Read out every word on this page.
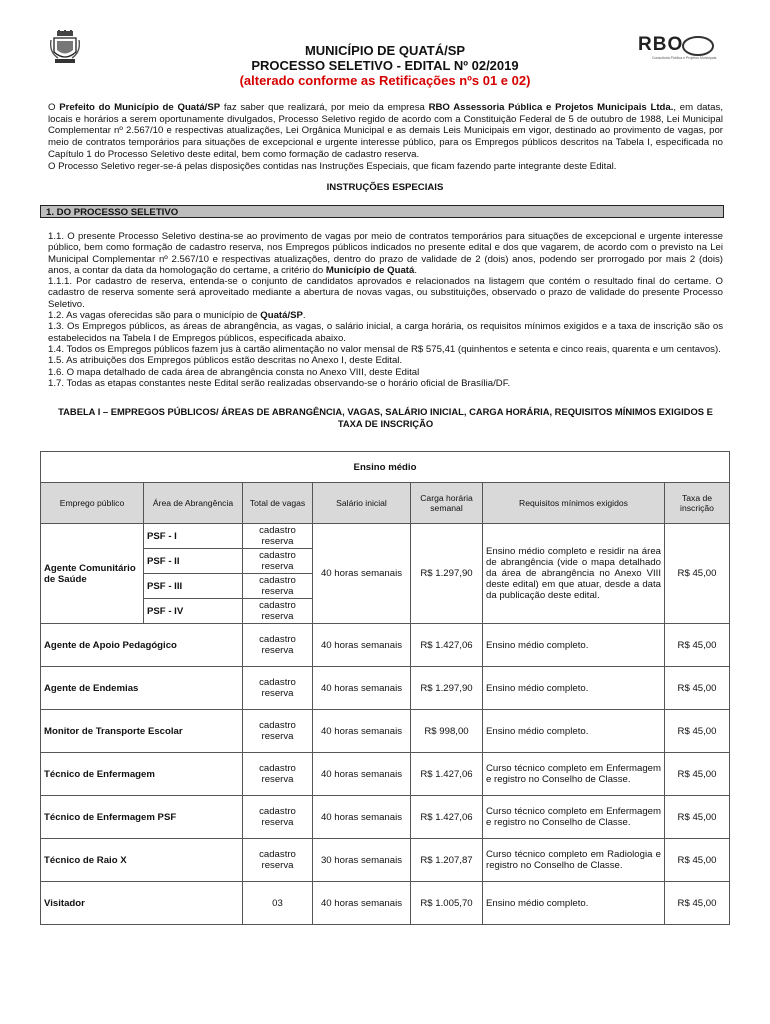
RBO
Consultoria Pública e Projetos Municipais
MUNICÍPIO DE QUATÁ/SP
PROCESSO SELETIVO - EDITAL Nº 02/2019
(alterado conforme as Retificações nºs 01 e 02)

O Prefeito do Município de Quatá/SP faz saber que realizará, por meio da empresa RBO Assessoria Pública e Projetos Municipais Ltda., em datas, locais e horários a serem oportunamente divulgados, Processo Seletivo regido de acordo com a Constituição Federal de 5 de outubro de 1988, Lei Municipal Complementar nº 2.567/10 e respectivas atualizações, Lei Orgânica Municipal e as demais Leis Municipais em vigor, destinado ao provimento de vagas, por meio de contratos temporários para situações de excepcional e urgente interesse público, para os Empregos públicos descritos na Tabela I, especificada no Capítulo 1 do Processo Seletivo deste edital, bem como formação de cadastro reserva.

O Processo Seletivo reger-se-á pelas disposições contidas nas Instruções Especiais, que ficam fazendo parte integrante deste Edital.

INSTRUÇÕES ESPECIAIS
1. DO PROCESSO SELETIVO

1.1. O presente Processo Seletivo destina-se ao provimento de vagas por meio de contratos temporários para situações de excepcional e urgente interesse público, bem como formação de cadastro reserva, nos Empregos públicos indicados no presente edital e dos que vagarem, de acordo com o previsto na Lei Municipal Complementar nº 2.567/10 e respectivas atualizações, dentro do prazo de validade de 2 (dois) anos, podendo ser prorrogado por mais 2 (dois) anos, a contar da data da homologação do certame, a critério do Município de Quatá.

1.1.1. Por cadastro de reserva, entenda-se o conjunto de candidatos aprovados e relacionados na listagem que contém o resultado final do certame. O cadastro de reserva somente será aproveitado mediante a abertura de novas vagas, ou substituições, observado o prazo de validade do presente Processo Seletivo.

1.2. As vagas oferecidas são para o município de Quatá/SP.

1.3. Os Empregos públicos, as áreas de abrangência, as vagas, o salário inicial, a carga horária, os requisitos mínimos exigidos e a taxa de inscrição são os estabelecidos na Tabela I de Empregos públicos, especificada abaixo.

1.4. Todos os Empregos públicos fazem jus à cartão alimentação no valor mensal de R$ 575,41 (quinhentos e setenta e cinco reais, quarenta e um centavos).

1.5. As atribuições dos Empregos públicos estão descritas no Anexo I, deste Edital.

1.6. O mapa detalhado de cada área de abrangência consta no Anexo VIII, deste Edital

1.7. Todas as etapas constantes neste Edital serão realizadas observando-se o horário oficial de Brasília/DF.

TABELA I – EMPREGOS PÚBLICOS/ ÁREAS DE ABRANGÊNCIA, VAGAS, SALÁRIO INICIAL, CARGA HORÁRIA, REQUISITOS MÍNIMOS EXIGIDOS E TAXA DE INSCRIÇÃO
Ensino médio						
Emprego público	Área de Abrangência	Total de vagas	Salário inicial	Carga horária semanal	Requisitos mínimos exigidos	Taxa de inscrição
Agente Comunitário de Saúde	PSF - I	cadastro reserva	40 horas semanais	R$ 1.297,90	Ensino médio completo e residir na área de abrangência (vide o mapa detalhado da área de abrangência no Anexo VIII deste edital) em que atuar, desde a data da publicação deste edital.	R$ 45,00
	PSF - II	cadastro reserva				
	PSF - III	cadastro reserva				
	PSF - IV	cadastro reserva				
Agente de Apoio Pedagógico		cadastro reserva	40 horas semanais	R$ 1.427,06	Ensino médio completo.	R$ 45,00
Agente de Endemias		cadastro reserva	40 horas semanais	R$ 1.297,90	Ensino médio completo.	R$ 45,00
Monitor de Transporte Escolar		cadastro reserva	40 horas semanais	R$ 998,00	Ensino médio completo.	R$ 45,00
Técnico de Enfermagem		cadastro reserva	40 horas semanais	R$ 1.427,06	Curso técnico completo em Enfermagem e registro no Conselho de Classe.	R$ 45,00
Técnico de Enfermagem PSF		cadastro reserva	40 horas semanais	R$ 1.427,06	Curso técnico completo em Enfermagem e registro no Conselho de Classe.	R$ 45,00
Técnico de Raio X		cadastro reserva	30 horas semanais	R$ 1.207,87	Curso técnico completo em Radiologia e registro no Conselho de Classe.	R$ 45,00
Visitador		03	40 horas semanais	R$ 1.005,70	Ensino médio completo.	R$ 45,00
